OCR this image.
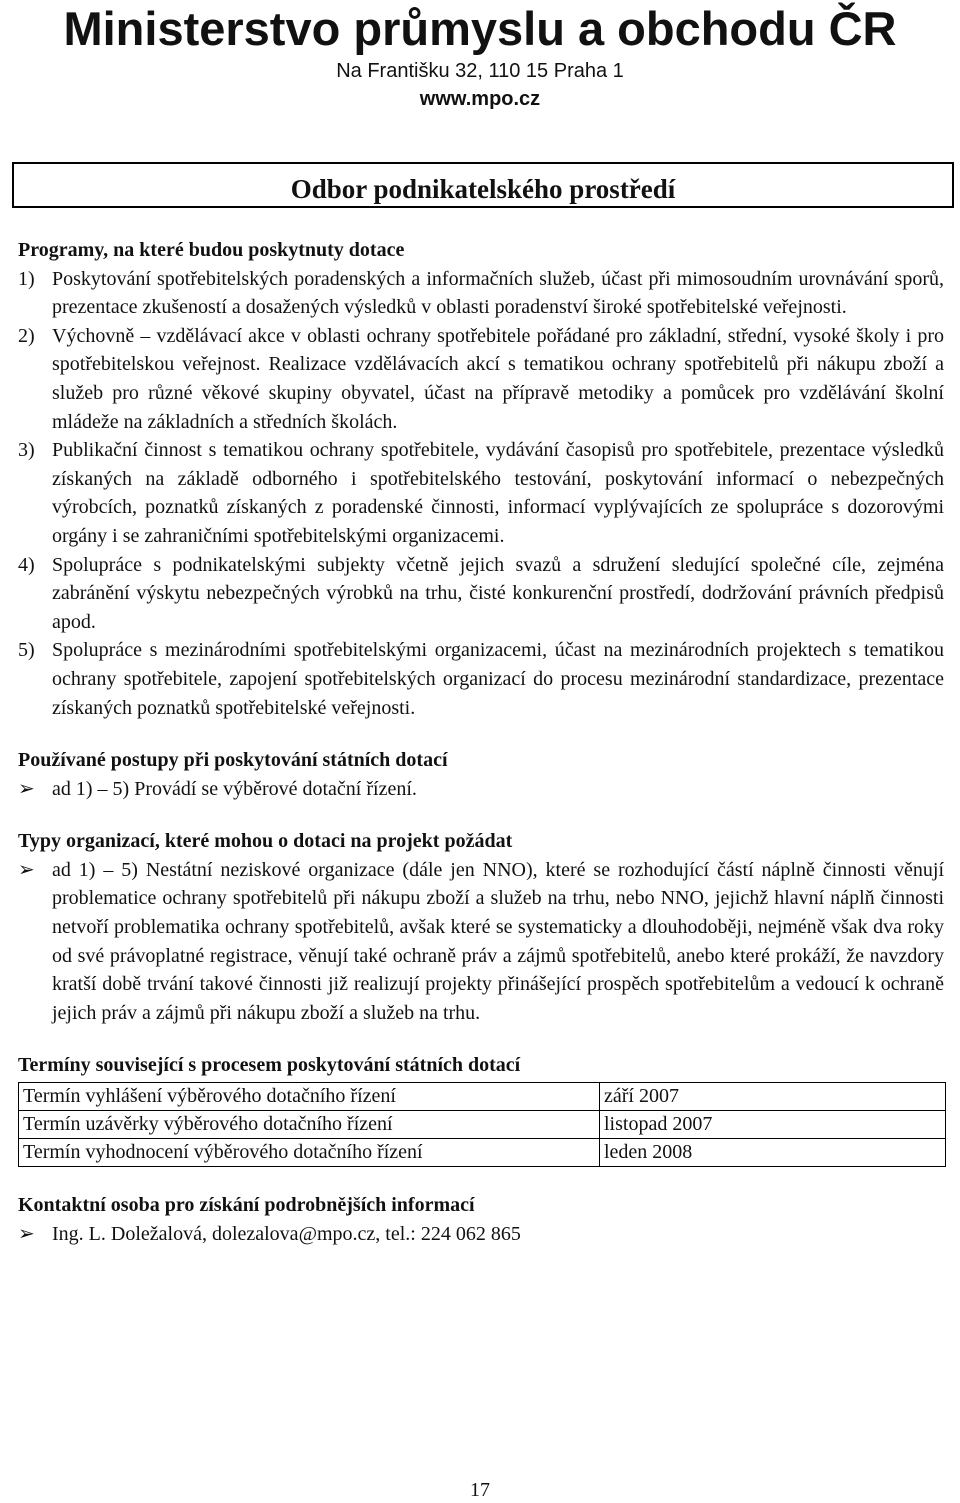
Ministerstvo průmyslu a obchodu ČR
Na Františku 32, 110 15 Praha 1
www.mpo.cz
Odbor podnikatelského prostředí
Programy, na které budou poskytnuty dotace
1) Poskytování spotřebitelských poradenských a informačních služeb, účast při mimosoudním urovnávání sporů, prezentace zkušeností a dosažených výsledků v oblasti poradenství široké spotřebitelské veřejnosti.
2) Výchovně – vzdělávací akce v oblasti ochrany spotřebitele pořádané pro základní, střední, vysoké školy i pro spotřebitelskou veřejnost. Realizace vzdělávacích akcí s tematikou ochrany spotřebitelů při nákupu zboží a služeb pro různé věkové skupiny obyvatel, účast na přípravě metodiky a pomůcek pro vzdělávání školní mládeže na základních a středních školách.
3) Publikační činnost s tematikou ochrany spotřebitele, vydávání časopisů pro spotřebitele, prezentace výsledků získaných na základě odborného i spotřebitelského testování, poskytování informací o nebezpečných výrobcích, poznatků získaných z poradenské činnosti, informací vyplývajících ze spolupráce s dozorovými orgány i se zahraničními spotřebitelskými organizacemi.
4) Spolupráce s podnikatelskými subjekty včetně jejich svazů a sdružení sledující společné cíle, zejména zabránění výskytu nebezpečných výrobků na trhu, čisté konkurenční prostředí, dodržování právních předpisů apod.
5) Spolupráce s mezinárodními spotřebitelskými organizacemi, účast na mezinárodních projektech s tematikou ochrany spotřebitele, zapojení spotřebitelských organizací do procesu mezinárodní standardizace, prezentace získaných poznatků spotřebitelské veřejnosti.
Používané postupy při poskytování státních dotací
➢ ad 1) – 5) Provádí se výběrové dotační řízení.
Typy organizací, které mohou o dotaci na projekt požádat
➢ ad 1) – 5) Nestátní neziskové organizace (dále jen NNO), které se rozhodující částí náplně činnosti věnují problematice ochrany spotřebitelů při nákupu zboží a služeb na trhu, nebo NNO, jejichž hlavní náplň činnosti netvoří problematika ochrany spotřebitelů, avšak které se systematicky a dlouhodoběji, nejméně však dva roky od své právoplatné registrace, věnují také ochraně práv a zájmů spotřebitelů, anebo které prokáží, že navzdory kratší době trvání takové činnosti již realizují projekty přinášející prospěch spotřebitelům a vedoucí k ochraně jejich práv a zájmů při nákupu zboží a služeb na trhu.
Termíny související s procesem poskytování státních dotací
Termín vyhlášení výběrového dotačního řízení	září 2007
Termín uzávěrky výběrového dotačního řízení	listopad 2007
Termín vyhodnocení výběrového dotačního řízení	leden 2008
Kontaktní osoba pro získání podrobnějších informací
➢ Ing. L. Doležalová, dolezalova@mpo.cz, tel.: 224 062 865
17
